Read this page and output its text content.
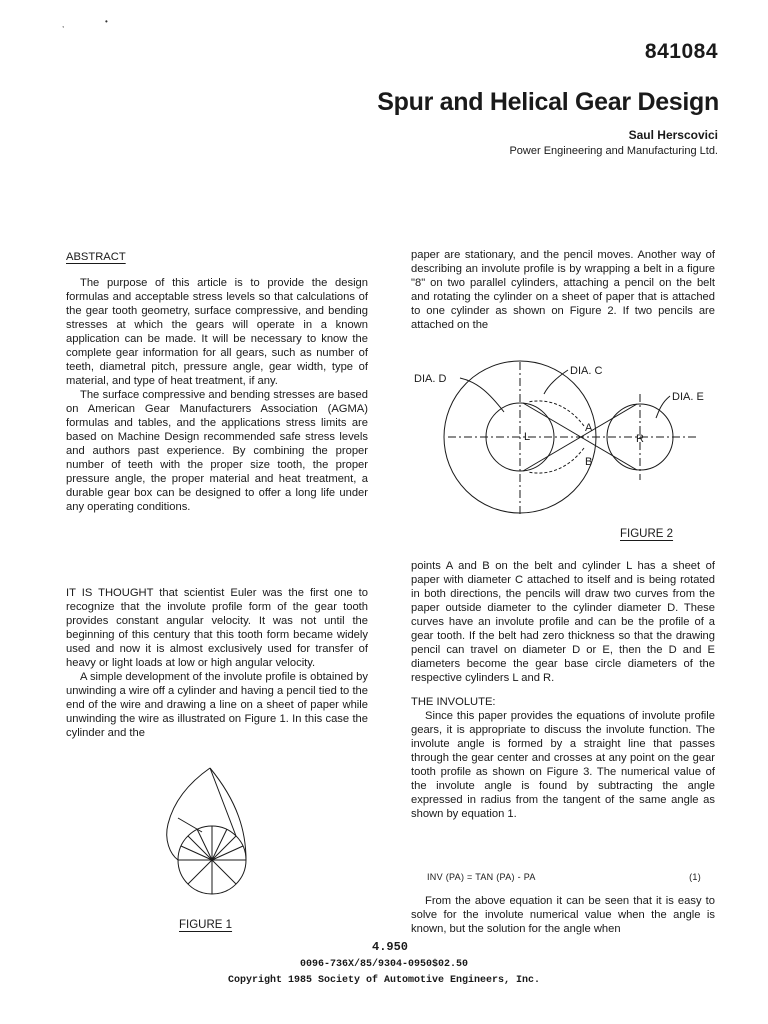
,	•
841084
Spur and Helical Gear Design
Saul Herscovici
Power Engineering and Manufacturing Ltd.
ABSTRACT

The purpose of this article is to provide the design formulas and acceptable stress levels so that calculations of the gear tooth geometry, surface compressive, and bending stresses at which the gears will operate in a known application can be made. It will be necessary to know the complete gear information for all gears, such as number of teeth, diametral pitch, pressure angle, gear width, type of material, and type of heat treatment, if any.

The surface compressive and bending stresses are based on American Gear Manufacturers Association (AGMA) formulas and tables, and the applications stress limits are based on Machine Design recommended safe stress levels and authors past experience. By combining the proper number of teeth with the proper size tooth, the proper pressure angle, the proper material and heat treatment, a durable gear box can be designed to offer a long life under any operating conditions.

IT IS THOUGHT that scientist Euler was the first one to recognize that the involute profile form of the gear tooth provides constant angular velocity. It was not until the beginning of this century that this tooth form became widely used and now it is almost exclusively used for transfer of heavy or light loads at low or high angular velocity.

A simple development of the involute profile is obtained by unwinding a wire off a cylinder and having a pencil tied to the end of the wire and drawing a line on a sheet of paper while unwinding the wire as illustrated on Figure 1. In this case the cylinder and the

FIGURE 1

paper are stationary, and the pencil moves. Another way of describing an involute profile is by wrapping a belt in a figure "8" on two parallel cylinders, attaching a pencil on the belt and rotating the cylinder on a sheet of paper that is attached to one cylinder as shown on Figure 2. If two pencils are attached on the

DIA. D
DIA. C
DIA. E
L	R
A
B
FIGURE 2

points A and B on the belt and cylinder L has a sheet of paper with diameter C attached to itself and is being rotated in both directions, the pencils will draw two curves from the paper outside diameter to the cylinder diameter D. These curves have an involute profile and can be the profile of a gear tooth. If the belt had zero thickness so that the drawing pencil can travel on diameter D or E, then the D and E diameters become the gear base circle diameters of the respective cylinders L and R.

THE INVOLUTE:

Since this paper provides the equations of involute profile gears, it is appropriate to discuss the involute function. The involute angle is formed by a straight line that passes through the gear center and crosses at any point on the gear tooth profile as shown on Figure 3. The numerical value of the involute angle is found by subtracting the angle expressed in radius from the tangent of the same angle as shown by equation 1.

INV (PA) = TAN (PA) - PA	(1)

From the above equation it can be seen that it is easy to solve for the involute numerical value when the angle is known, but the solution for the angle when

4.950
0096-736X/85/9304-0950$02.50
Copyright 1985 Society of Automotive Engineers, Inc.
